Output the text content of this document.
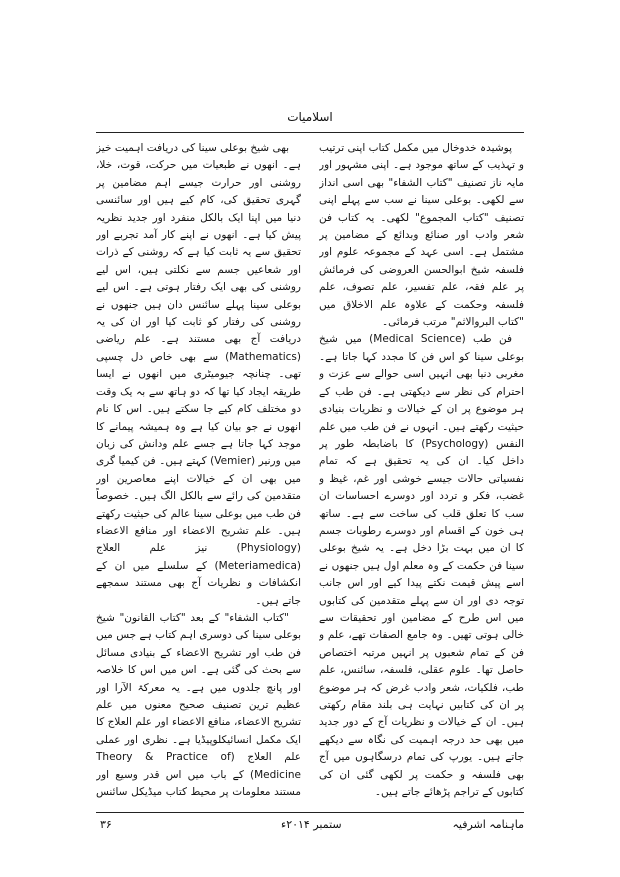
اسلامیات

پوشیدہ خدوخال میں مکمل کتاب اپنی ترتیب و تہذیب کے ساتھ موجود ہے۔ اپنی مشہور اور مایہ ناز تصنیف "کتاب الشفاء" بھی اسی انداز سے لکھی۔ بوعلی سینا نے سب سے پہلے اپنی تصنیف "کتاب المجموع" لکھی۔ یہ کتاب فن شعر وادب اور صنائع وبدائع کے مضامین پر مشتمل ہے۔ اسی عہد کے مجموعہ علوم اور فلسفہ شیخ ابوالحسن العروضی کی فرمائش پر علم فقہ، علم تفسیر، علم تصوف، علم فلسفہ وحکمت کے علاوہ علم الاخلاق میں "کتاب البروالاثم" مرتب فرمائی۔

فن طب (Medical Science) میں شیخ بوعلی سینا کو اس فن کا مجدد کہا جاتا ہے۔ مغربی دنیا بھی انہیں اسی حوالے سے عزت و احترام کی نظر سے دیکھتی ہے۔ فن طب کے ہر موضوع پر ان کے خیالات و نظریات بنیادی حیثیت رکھتے ہیں۔ انہوں نے فن طب میں علم النفس (Psychology) کا باضابطہ طور پر داخل کیا۔ ان کی یہ تحقیق ہے کہ تمام نفسیاتی حالات جیسے خوشی اور غم، غیظ و غضب، فکر و تردد اور دوسرے احساسات ان سب کا تعلق قلب کی ساخت سے ہے۔ ساتھ ہی خون کے اقسام اور دوسرے رطوبات جسم کا ان میں بہت بڑا دخل ہے۔ یہ شیخ بوعلی سینا فن حکمت کے وہ معلم اول ہیں جنھوں نے اسے پیش قیمت نکتے پیدا کیے اور اس جانب توجہ دی اور ان سے پہلے متقدمین کی کتابوں میں اس طرح کے مضامین اور تحقیقات سے خالی ہوتی تھیں۔ وہ جامع الصفات تھے، علم و فن کے تمام شعبوں پر انہیں مرتبہ اختصاص حاصل تھا۔ علوم عقلی، فلسفہ، سائنس، علم طب، فلکیات، شعر وادب غرض کہ ہر موضوع پر ان کی کتابیں نہایت ہی بلند مقام رکھتی ہیں۔ ان کے خیالات و نظریات آج کے دور جدید میں بھی حد درجہ اہمیت کی نگاہ سے دیکھے جاتے ہیں۔ یورپ کی تمام درسگاہوں میں آج بھی فلسفہ و حکمت پر لکھی گئی ان کی کتابوں کے تراجم پڑھائے جاتے ہیں۔

بھی شیخ بوعلی سینا کی دریافت اہمیت خیز ہے۔ انھوں نے طبعیات میں حرکت، قوت، خلا، روشنی اور حرارت جیسے اہم مضامین پر گہری تحقیق کی، کام کیے ہیں اور سائنسی دنیا میں اپنا ایک بالکل منفرد اور جدید نظریہ پیش کیا ہے۔ انھوں نے اپنے کار آمد تجربے اور تحقیق سے یہ ثابت کیا ہے کہ روشنی کے ذرات اور شعاعیں جسم سے نکلتی ہیں، اس لیے روشنی کی بھی ایک رفتار ہوتی ہے۔ اس لیے بوعلی سینا پہلے سائنس دان ہیں جنھوں نے روشنی کی رفتار کو ثابت کیا اور ان کی یہ دریافت آج بھی مستند ہے۔ علم ریاضی (Mathematics) سے بھی خاص دل چسپی تھی۔ چنانچہ جیومیٹری میں انھوں نے ایسا طریقہ ایجاد کیا تھا کہ دو ہاتھ سے بہ یک وقت دو مختلف کام کیے جا سکتے ہیں۔ اس کا نام انھوں نے جو بیان کیا ہے وہ ہمیشہ پیمانے کا موجد کہا جاتا ہے جسے علم ودانش کی زبان میں ورنیر (Vemier) کہتے ہیں۔ فن کیمیا گری میں بھی ان کے خیالات اپنے معاصرین اور متقدمین کی رائے سے بالکل الگ ہیں۔ خصوصاً فن طب میں بوعلی سینا عالم کی حیثیت رکھتے ہیں۔ علم تشریح الاعضاء اور منافع الاعضاء (Physiology) نیز علم العلاج (Meteriamedica) کے سلسلے میں ان کے انکشافات و نظریات آج بھی مستند سمجھے جاتے ہیں۔

"کتاب الشفاء" کے بعد "کتاب القانون" شیخ بوعلی سینا کی دوسری اہم کتاب ہے جس میں فن طب اور تشریح الاعضاء کے بنیادی مسائل سے بحث کی گئی ہے۔ اس میں اس کا خلاصہ اور پانچ جلدوں میں ہے۔ یہ معرکۃ الآرا اور عظیم ترین تصنیف صحیح معنوں میں علم تشریح الاعضاء، منافع الاعضاء اور علم العلاج کا ایک مکمل انسائیکلوپیڈیا ہے۔ نظری اور عملی علم العلاج (Theory & Practice of Medicine) کے باب میں اس قدر وسیع اور مستند معلومات پر محیط کتاب میڈیکل سائنس

ماہنامہ اشرفیہ
ستمبر ۲۰۱۴ء
۳۶
